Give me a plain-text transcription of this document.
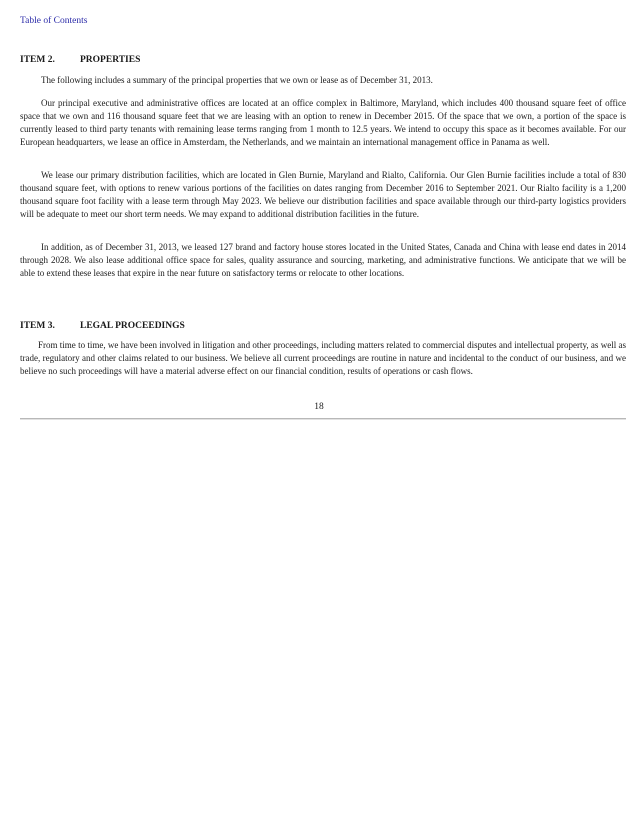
Table of Contents
ITEM 2.	PROPERTIES

The following includes a summary of the principal properties that we own or lease as of December 31, 2013.

Our principal executive and administrative offices are located at an office complex in Baltimore, Maryland, which includes 400 thousand square feet of office space that we own and 116 thousand square feet that we are leasing with an option to renew in December 2015. Of the space that we own, a portion of the space is currently leased to third party tenants with remaining lease terms ranging from 1 month to 12.5 years. We intend to occupy this space as it becomes available. For our European headquarters, we lease an office in Amsterdam, the Netherlands, and we maintain an international management office in Panama as well.

We lease our primary distribution facilities, which are located in Glen Burnie, Maryland and Rialto, California. Our Glen Burnie facilities include a total of 830 thousand square feet, with options to renew various portions of the facilities on dates ranging from December 2016 to September 2021. Our Rialto facility is a 1,200 thousand square foot facility with a lease term through May 2023. We believe our distribution facilities and space available through our third-party logistics providers will be adequate to meet our short term needs. We may expand to additional distribution facilities in the future.

In addition, as of December 31, 2013, we leased 127 brand and factory house stores located in the United States, Canada and China with lease end dates in 2014 through 2028. We also lease additional office space for sales, quality assurance and sourcing, marketing, and administrative functions. We anticipate that we will be able to extend these leases that expire in the near future on satisfactory terms or relocate to other locations.

ITEM 3.	LEGAL PROCEEDINGS

From time to time, we have been involved in litigation and other proceedings, including matters related to commercial disputes and intellectual property, as well as trade, regulatory and other claims related to our business. We believe all current proceedings are routine in nature and incidental to the conduct of our business, and we believe no such proceedings will have a material adverse effect on our financial condition, results of operations or cash flows.

18
